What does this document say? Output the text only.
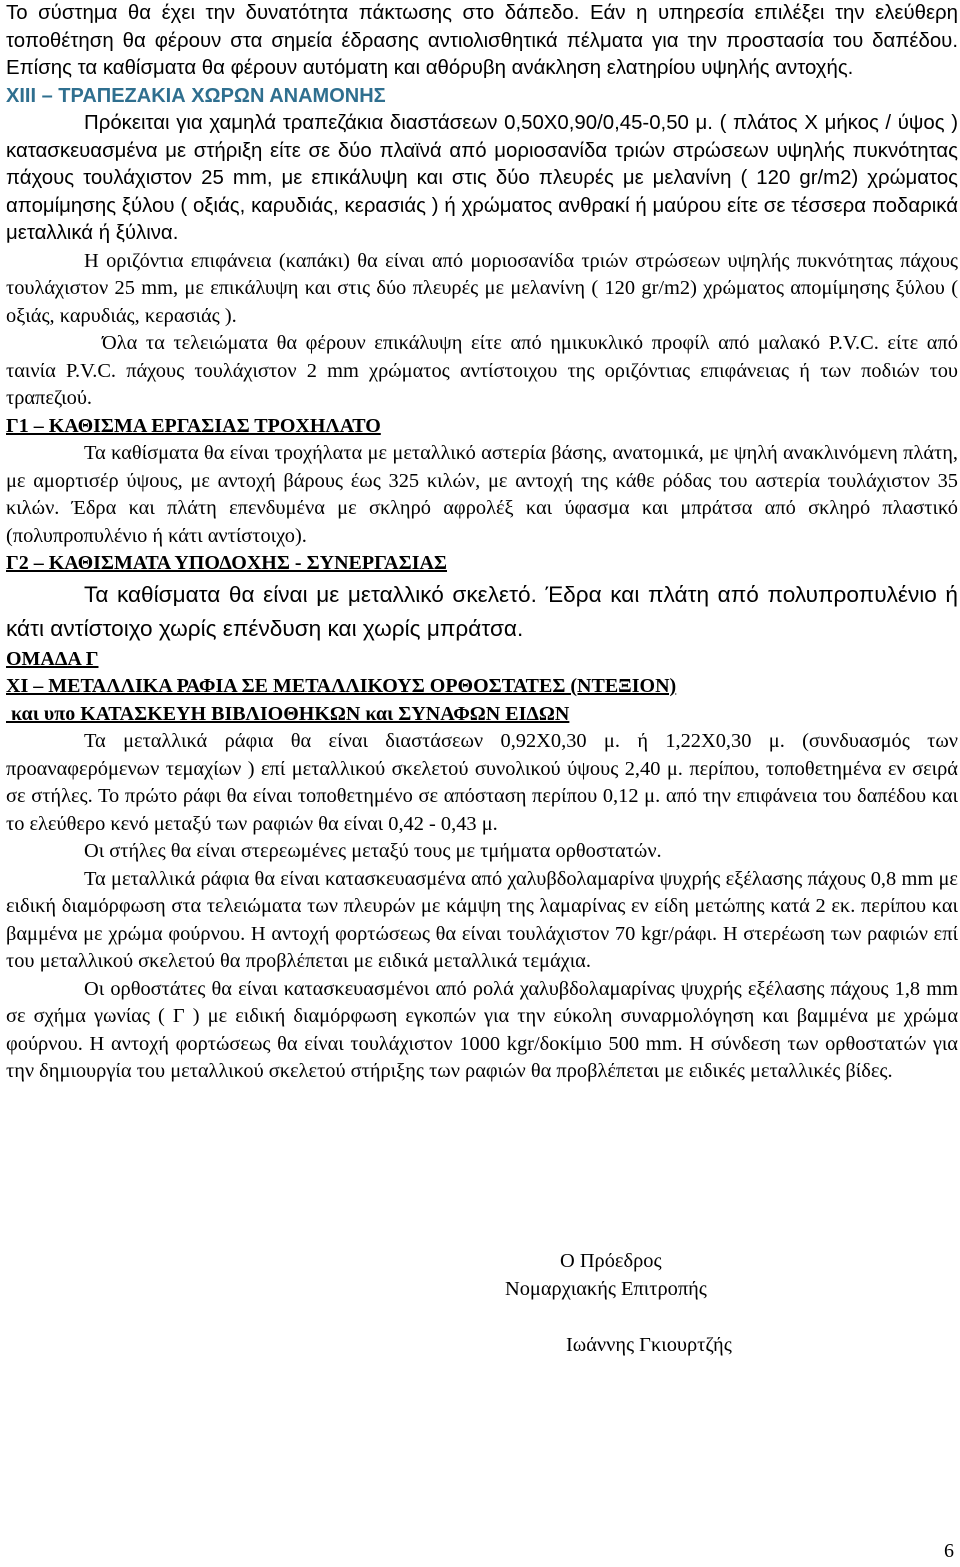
Το σύστημα θα έχει την δυνατότητα πάκτωσης στο δάπεδο. Εάν η υπηρεσία επιλέξει την ελεύθερη τοποθέτηση θα φέρουν στα σημεία έδρασης αντιολισθητικά πέλματα για την προστασία του δαπέδου. Επίσης τα καθίσματα θα φέρουν αυτόματη και αθόρυβη ανάκληση ελατηρίου υψηλής αντοχής.

XIII – ΤΡΑΠΕΖΑΚΙΑ ΧΩΡΩΝ ΑΝΑΜΟΝΗΣ

Πρόκειται για χαμηλά τραπεζάκια διαστάσεων 0,50Χ0,90/0,45-0,50 μ. ( πλάτος Χ μήκος / ύψος ) κατασκευασμένα με στήριξη είτε σε δύο πλαϊνά από μοριοσανίδα τριών στρώσεων υψηλής πυκνότητας πάχους τουλάχιστον 25 mm, με επικάλυψη και στις δύο πλευρές με μελανίνη ( 120 gr/m2) χρώματος απομίμησης ξύλου ( οξιάς, καρυδιάς, κερασιάς ) ή χρώματος ανθρακί ή μαύρου είτε σε τέσσερα ποδαρικά μεταλλικά ή ξύλινα.

Η οριζόντια επιφάνεια (καπάκι) θα είναι από μοριοσανίδα τριών στρώσεων υψηλής πυκνότητας πάχους τουλάχιστον 25 mm, με επικάλυψη και στις δύο πλευρές με μελανίνη ( 120 gr/m2) χρώματος απομίμησης ξύλου ( οξιάς, καρυδιάς, κερασιάς ).

Όλα τα τελειώματα θα φέρουν επικάλυψη είτε από ημικυκλικό προφίλ από μαλακό P.V.C. είτε από ταινία P.V.C. πάχους τουλάχιστον 2 mm χρώματος αντίστοιχου της οριζόντιας επιφάνειας ή των ποδιών του τραπεζιού.

Γ1 – ΚΑΘΙΣΜΑ ΕΡΓΑΣΙΑΣ ΤΡΟΧΗΛΑΤΟ

Τα καθίσματα θα είναι τροχήλατα με μεταλλικό αστερία βάσης, ανατομικά, με ψηλή ανακλινόμενη πλάτη, με αμορτισέρ ύψους, με αντοχή βάρους έως 325 κιλών, με αντοχή της κάθε ρόδας του αστερία τουλάχιστον 35 κιλών. Έδρα και πλάτη επενδυμένα με σκληρό αφρολέξ και ύφασμα και μπράτσα από σκληρό πλαστικό (πολυπροπυλένιο ή κάτι αντίστοιχο).

Γ2 – ΚΑΘΙΣΜΑΤΑ ΥΠΟΔΟΧΗΣ - ΣΥΝΕΡΓΑΣΙΑΣ

Τα καθίσματα θα είναι με μεταλλικό σκελετό. Έδρα και πλάτη από πολυπροπυλένιο ή κάτι αντίστοιχο χωρίς επένδυση και χωρίς μπράτσα.

ΟΜΑΔΑ Γ

XI – ΜΕΤΑΛΛΙΚΑ ΡΑΦΙΑ ΣΕ ΜΕΤΑΛΛΙΚΟΥΣ ΟΡΘΟΣΤΑΤΕΣ (ΝΤΕΞΙΟΝ)

και υπο ΚΑΤΑΣΚΕΥΗ ΒΙΒΛΙΟΘΗΚΩΝ και ΣΥΝΑΦΩΝ ΕΙΔΩΝ

Τα μεταλλικά ράφια θα είναι διαστάσεων 0,92Χ0,30 μ. ή 1,22Χ0,30 μ. (συνδυασμός των προαναφερόμενων τεμαχίων ) επί μεταλλικού σκελετού συνολικού ύψους 2,40 μ. περίπου, τοποθετημένα εν σειρά σε στήλες. Το πρώτο ράφι θα είναι τοποθετημένο σε απόσταση περίπου 0,12 μ. από την επιφάνεια του δαπέδου και το ελεύθερο κενό μεταξύ των ραφιών θα είναι 0,42 - 0,43 μ.

Οι στήλες θα είναι στερεωμένες μεταξύ τους με τμήματα ορθοστατών.

Τα μεταλλικά ράφια θα είναι κατασκευασμένα από χαλυβδολαμαρίνα ψυχρής εξέλασης πάχους 0,8 mm με ειδική διαμόρφωση στα τελειώματα των πλευρών με κάμψη της λαμαρίνας εν είδη μετώπης κατά 2 εκ. περίπου και βαμμένα με χρώμα φούρνου. Η αντοχή φορτώσεως θα είναι τουλάχιστον 70 kgr/ράφι. Η στερέωση των ραφιών επί του μεταλλικού σκελετού θα προβλέπεται με ειδικά μεταλλικά τεμάχια.

Οι ορθοστάτες θα είναι κατασκευασμένοι από ρολά χαλυβδολαμαρίνας ψυχρής εξέλασης πάχους 1,8 mm σε σχήμα γωνίας ( Γ ) με ειδική διαμόρφωση εγκοπών για την εύκολη συναρμολόγηση και βαμμένα με χρώμα φούρνου. Η αντοχή φορτώσεως θα είναι τουλάχιστον 1000 kgr/δοκίμιο 500 mm. Η σύνδεση των ορθοστατών για την δημιουργία του μεταλλικού σκελετού στήριξης των ραφιών θα προβλέπεται με ειδικές μεταλλικές βίδες.

Ο Πρόεδρος
Νομαρχιακής Επιτροπής
Ιωάννης Γκιουρτζής
6
